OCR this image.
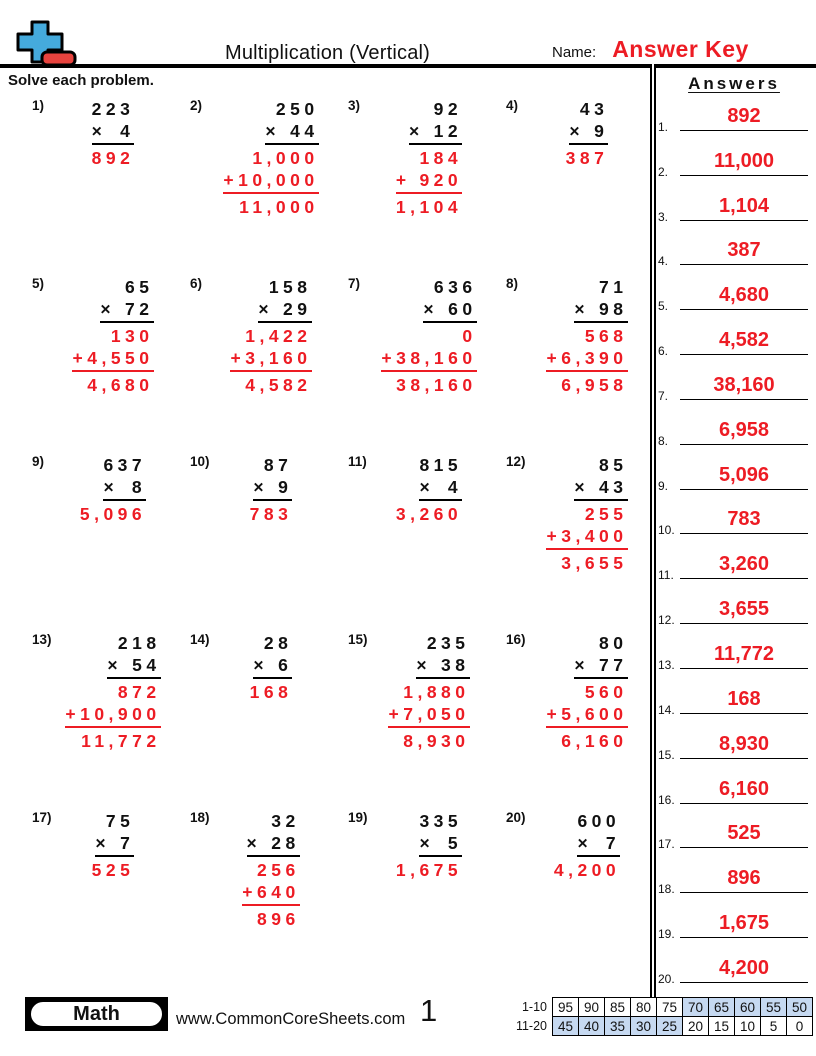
Multiplication (Vertical)	Name: Answer Key
Solve each problem.
1)	223
× 4
892
2)	250
× 44
1,000
+ 10,000
11,000
3)	92
× 12
184
+ 920
1,104
4)	43
× 9
387
5)	65
× 72
130
+ 4,550
4,680
6)	158
× 29
1,422
+ 3,160
4,582
7)	636
× 60
0
+ 38,160
38,160
8)	71
× 98
568
+ 6,390
6,958
9)	637
× 8
5,096
10)	87
× 9
783
11)	815
× 4
3,260
12)	85
× 43
255
+ 3,400
3,655
13)	218
× 54
872
+ 10,900
11,772
14)	28
× 6
168
15)	235
× 38
1,880
+ 7,050
8,930
16)	80
× 77
560
+ 5,600
6,160
17)	75
× 7
525
18)	32
× 28
256
+ 640
896
19)	335
× 5
1,675
20)	600
× 7
4,200
Answers
1.	892
2.	11,000
3.	1,104
4.	387
5.	4,680
6.	4,582
7.	38,160
8.	6,958
9.	5,096
10.	783
11.	3,260
12.	3,655
13.	11,772
14.	168
15.	8,930
16.	6,160
17.	525
18.	896
19.	1,675
20.	4,200
Math	www.CommonCoreSheets.com 1	1-10	95	90	85	80	75	70	65	60	55	50
11-20	45	40	35	30	25	20	15	10	5	0
